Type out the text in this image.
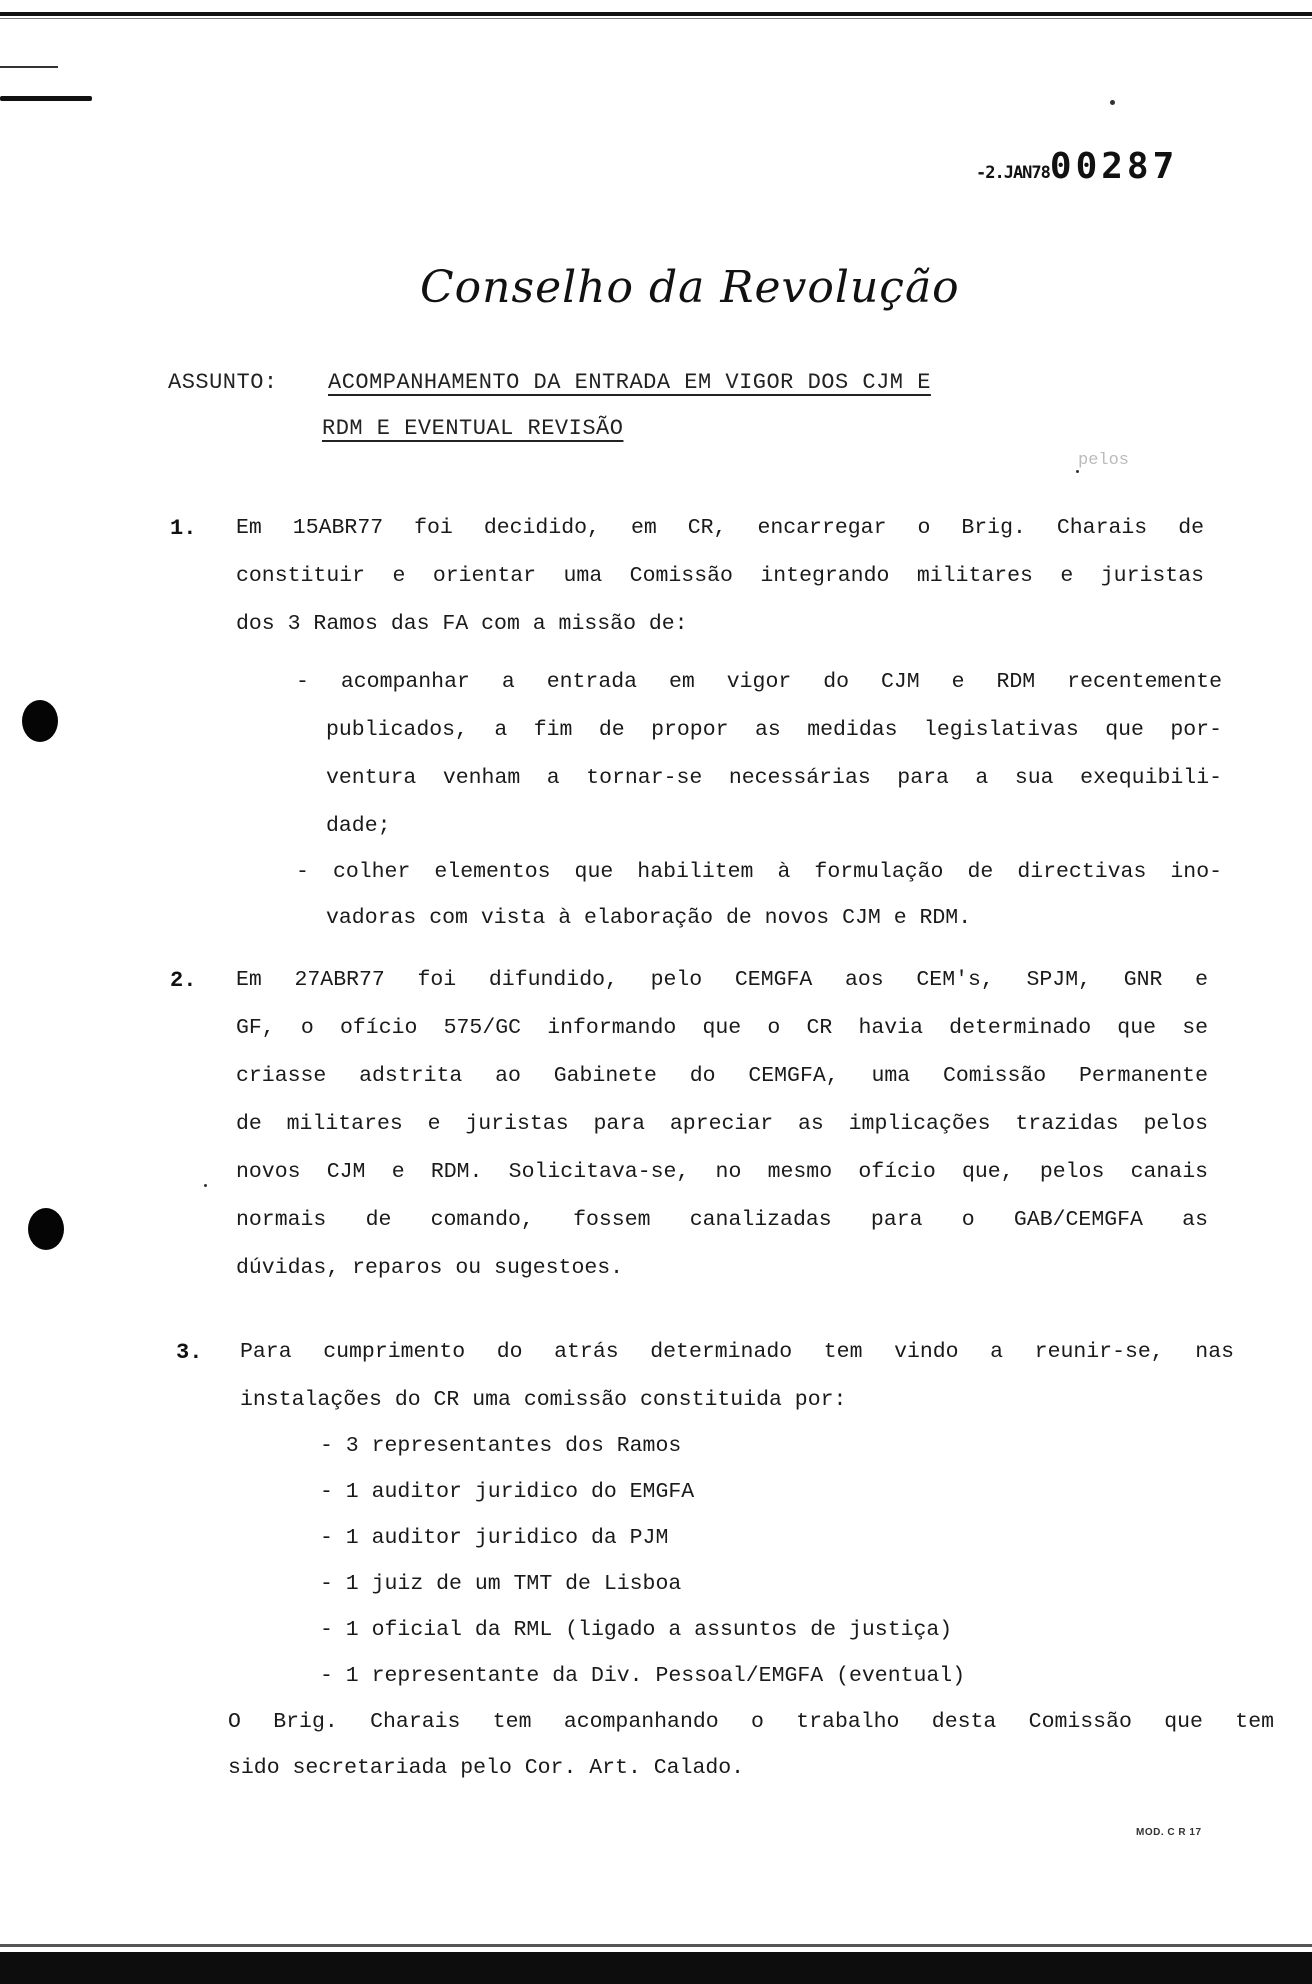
-2.JAN7800287
Conselho da Revolução
ASSUNTO: ACOMPANHAMENTO DA ENTRADA EM VIGOR DOS CJM E
RDM E EVENTUAL REVISÃO
pelos
1. Em 15ABR77 foi decidido, em CR, encarregar o Brig. Charais de
constituir e orientar uma Comissão integrando militares e juristas
dos 3 Ramos das FA com a missão de:
- acompanhar a entrada em vigor do CJM e RDM recentemente
publicados, a fim de propor as medidas legislativas que por-
ventura venham a tornar-se necessárias para a sua exequibili-
dade;
- colher elementos que habilitem à formulação de directivas ino-
vadoras com vista à elaboração de novos CJM e RDM.
2. Em 27ABR77 foi difundido, pelo CEMGFA aos CEM's, SPJM, GNR e
GF, o ofício 575/GC informando que o CR havia determinado que se
criasse adstrita ao Gabinete do CEMGFA, uma Comissão Permanente
de militares e juristas para apreciar as implicações trazidas pelos
novos CJM e RDM. Solicitava-se, no mesmo ofício que, pelos canais
normais de comando, fossem canalizadas para o GAB/CEMGFA as
dúvidas, reparos ou sugestoes.
3. Para cumprimento do atrás determinado tem vindo a reunir-se, nas
instalações do CR uma comissão constituida por:
- 3 representantes dos Ramos
- 1 auditor juridico do EMGFA
- 1 auditor juridico da PJM
- 1 juiz de um TMT de Lisboa
- 1 oficial da RML (ligado a assuntos de justiça)
- 1 representante da Div. Pessoal/EMGFA (eventual)
O Brig. Charais tem acompanhando o trabalho desta Comissão que tem
sido secretariada pelo Cor. Art. Calado.
MOD. C R 17
